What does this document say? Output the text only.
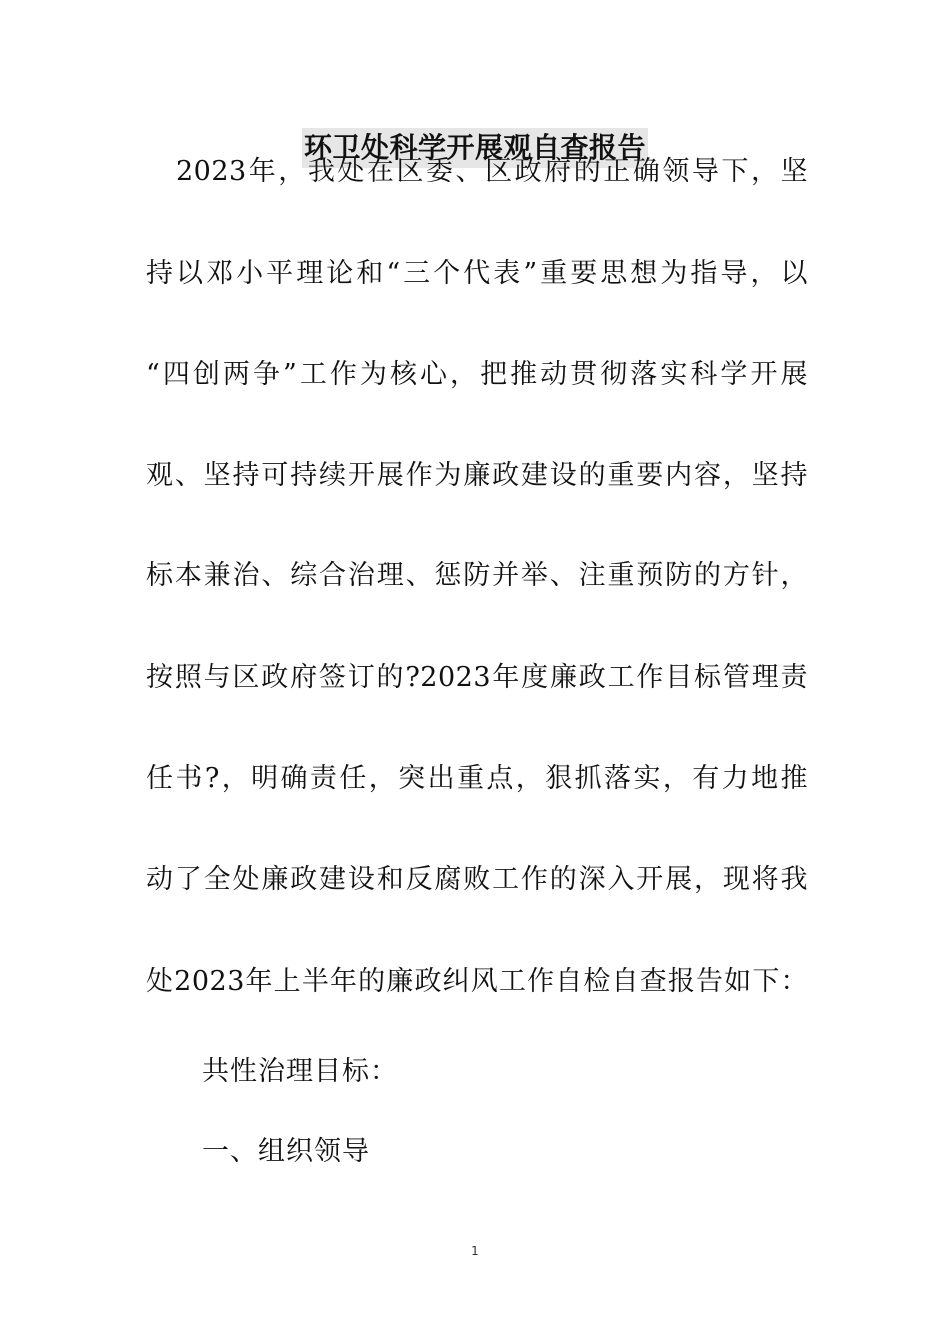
环卫处科学开展观自查报告
2023年，我处在区委、区政府的正确领导下，坚
持以邓小平理论和“三个代表”重要思想为指导，以
“四创两争”工作为核心，把推动贯彻落实科学开展
观、坚持可持续开展作为廉政建设的重要内容，坚持
标本兼治、综合治理、惩防并举、注重预防的方针，
按照与区政府签订的?2023年度廉政工作目标管理责
任书?，明确责任，突出重点，狠抓落实，有力地推
动了全处廉政建设和反腐败工作的深入开展，现将我
处2023年上半年的廉政纠风工作自检自查报告如下：
共性治理目标：
一、组织领导
1
